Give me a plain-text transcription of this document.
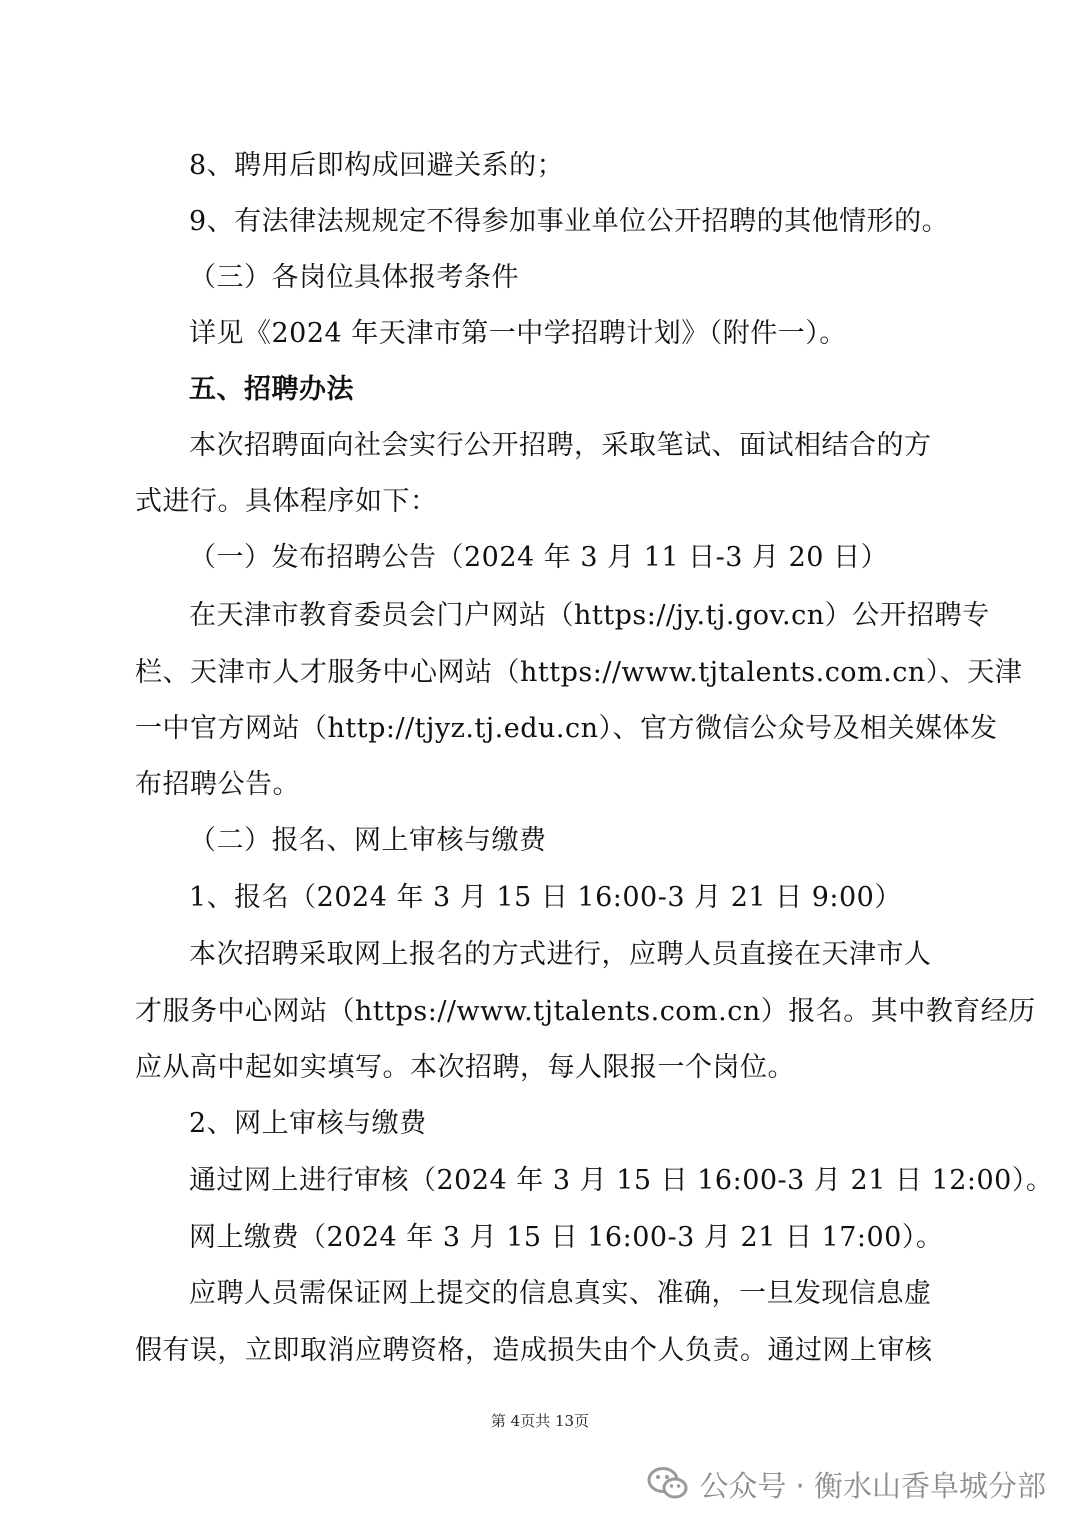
8、聘用后即构成回避关系的；
9、有法律法规规定不得参加事业单位公开招聘的其他情形的。
（三）各岗位具体报考条件
详见《2024 年天津市第一中学招聘计划》（附件一）。
五、招聘办法
本次招聘面向社会实行公开招聘，采取笔试、面试相结合的方
式进行。具体程序如下：
（一）发布招聘公告（2024 年 3 月 11 日-3 月 20 日）
在天津市教育委员会门户网站（https://jy.tj.gov.cn）公开招聘专
栏、天津市人才服务中心网站（https://www.tjtalents.com.cn）、天津
一中官方网站（http://tjyz.tj.edu.cn）、官方微信公众号及相关媒体发
布招聘公告。
（二）报名、网上审核与缴费
1、报名（2024 年 3 月 15 日 16:00-3 月 21 日 9:00）
本次招聘采取网上报名的方式进行，应聘人员直接在天津市人
才服务中心网站（https://www.tjtalents.com.cn）报名。其中教育经历
应从高中起如实填写。本次招聘，每人限报一个岗位。
2、网上审核与缴费
通过网上进行审核（2024 年 3 月 15 日 16:00-3 月 21 日 12:00）。
网上缴费（2024 年 3 月 15 日 16:00-3 月 21 日 17:00）。
应聘人员需保证网上提交的信息真实、准确，一旦发现信息虚
假有误，立即取消应聘资格，造成损失由个人负责。通过网上审核
第 4页共 13页
公众号 · 衡水山香阜城分部
